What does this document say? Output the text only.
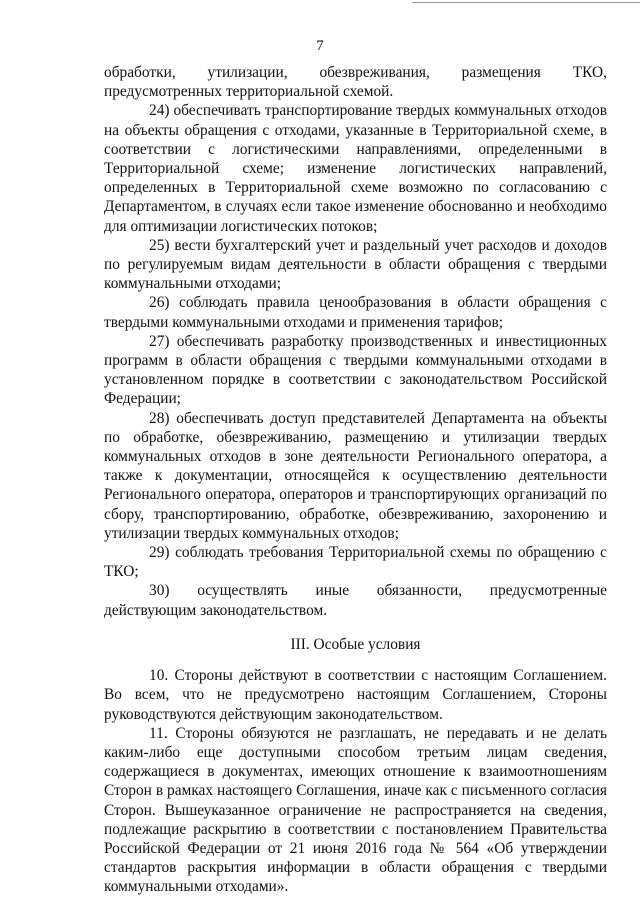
7

обработки, утилизации, обезвреживания, размещения ТКО, предусмотренных территориальной схемой.

24) обеспечивать транспортирование твердых коммунальных отходов на объекты обращения с отходами, указанные в Территориальной схеме, в соответствии с логистическими направлениями, определенными в Территориальной схеме; изменение логистических направлений, определенных в Территориальной схеме возможно по согласованию с Департаментом, в случаях если такое изменение обоснованно и необходимо для оптимизации логистических потоков;

25) вести бухгалтерский учет и раздельный учет расходов и доходов по регулируемым видам деятельности в области обращения с твердыми коммунальными отходами;

26) соблюдать правила ценообразования в области обращения с твердыми коммунальными отходами и применения тарифов;

27) обеспечивать разработку производственных и инвестиционных программ в области обращения с твердыми коммунальными отходами в установленном порядке в соответствии с законодательством Российской Федерации;

28) обеспечивать доступ представителей Департамента на объекты по обработке, обезвреживанию, размещению и утилизации твердых коммунальных отходов в зоне деятельности Регионального оператора, а также к документации, относящейся к осуществлению деятельности Регионального оператора, операторов и транспортирующих организаций по сбору, транспортированию, обработке, обезвреживанию, захоронению и утилизации твердых коммунальных отходов;

29) соблюдать требования Территориальной схемы по обращению с ТКО;

30) осуществлять иные обязанности, предусмотренные действующим законодательством.

III. Особые условия

10. Стороны действуют в соответствии с настоящим Соглашением. Во всем, что не предусмотрено настоящим Соглашением, Стороны руководствуются действующим законодательством.

11. Стороны обязуются не разглашать, не передавать и не делать каким-либо еще доступными способом третьим лицам сведения, содержащиеся в документах, имеющих отношение к взаимоотношениям Сторон в рамках настоящего Соглашения, иначе как с письменного согласия Сторон. Вышеуказанное ограничение не распространяется на сведения, подлежащие раскрытию в соответствии с постановлением Правительства Российской Федерации от 21 июня 2016 года № 564 «Об утверждении стандартов раскрытия информации в области обращения с твердыми коммунальными отходами».
